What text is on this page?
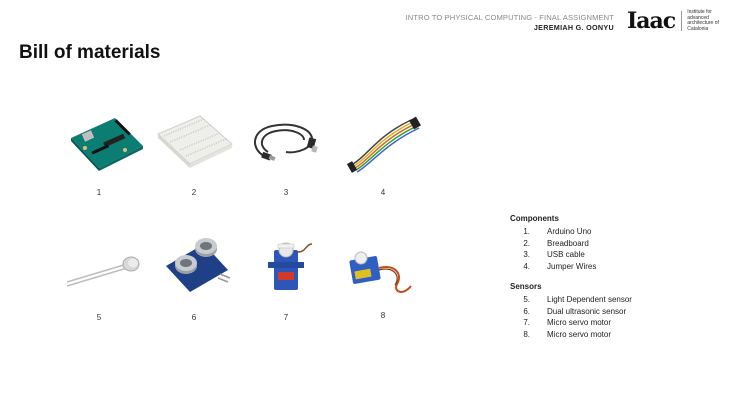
INTRO TO PHYSICAL COMPUTING - FINAL ASSIGNMENT
JEREMIAH G. OONYU Iaac Institute for advanced architecture of Catalonia
Bill of materials
1	2	3	4
5	6	7	8
Components
1.	Arduino Uno
2.	Breadboard
3.	USB cable
4.	Jumper Wires
Sensors
5.	Light Dependent sensor
6.	Dual ultrasonic sensor
7.	Micro servo motor
8.	Micro servo motor
